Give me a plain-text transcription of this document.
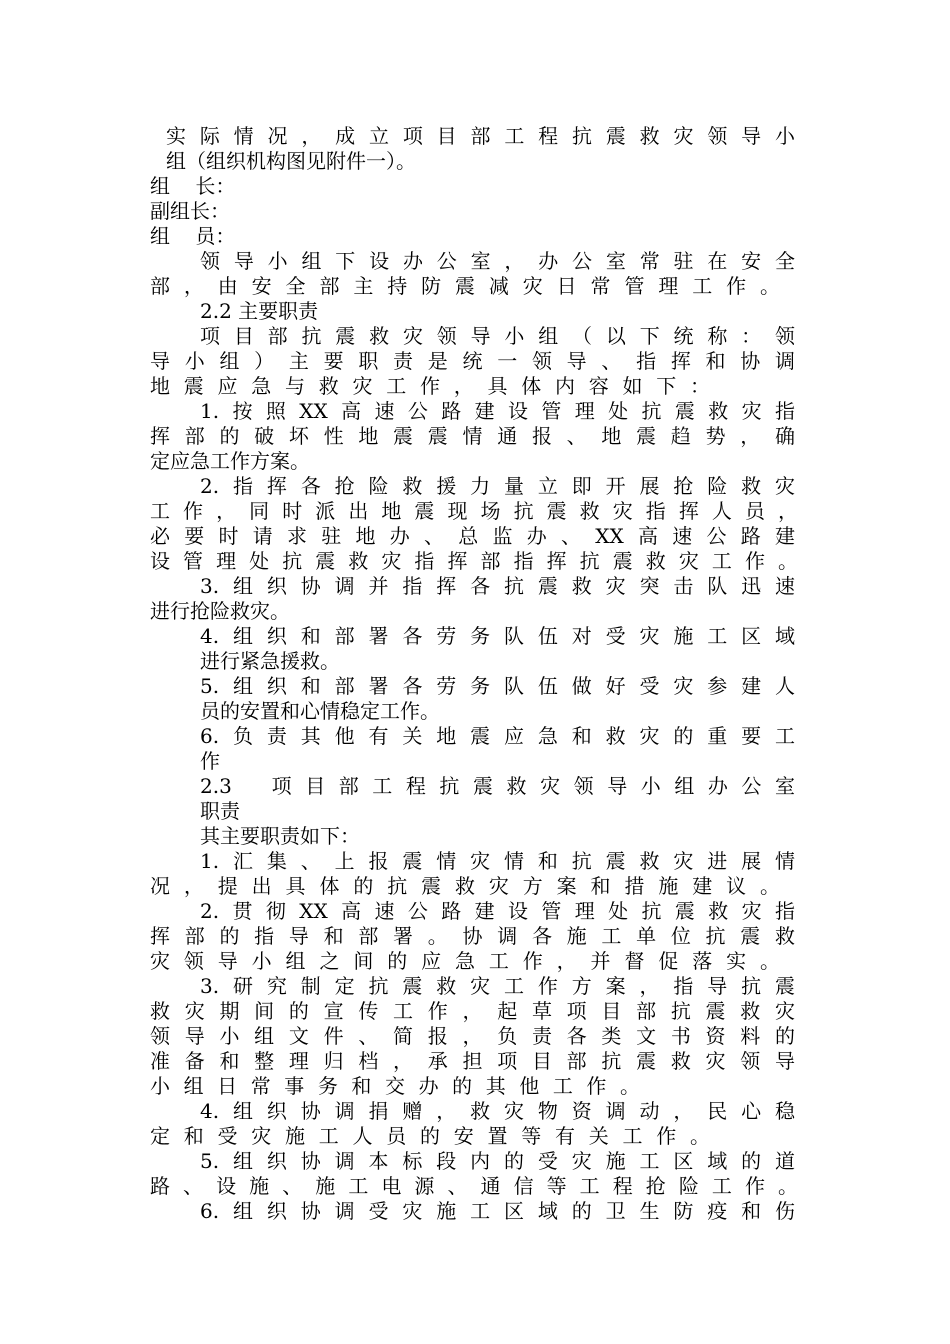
实际情况，成立项目部工程抗震救灾领导小
组（组织机构图见附件一）。
组    长：
副组长：
组    员：
领导小组下设办公室，办公室常驻在安全
部，由安全部主持防震减灾日常管理工作。
2.2 主要职责
项目部抗震救灾领导小组（以下统称：领
导小组）主要职责是统一领导、指挥和协调
地震应急与救灾工作，具体内容如下：
1.按照XX高速公路建设管理处抗震救灾指
挥部的破坏性地震震情通报、地震趋势，确
定应急工作方案。
2.指挥各抢险救援力量立即开展抢险救灾
工作，同时派出地震现场抗震救灾指挥人员，
必要时请求驻地办、总监办、XX高速公路建
设管理处抗震救灾指挥部指挥抗震救灾工作。
3.组织协调并指挥各抗震救灾突击队迅速
进行抢险救灾。
4.组织和部署各劳务队伍对受灾施工区域
进行紧急援救。
5.组织和部署各劳务队伍做好受灾参建人
员的安置和心情稳定工作。
6.负责其他有关地震应急和救灾的重要工
作
2.3  项目部工程抗震救灾领导小组办公室
职责
其主要职责如下：
1.汇集、上报震情灾情和抗震救灾进展情
况，提出具体的抗震救灾方案和措施建议。
2.贯彻XX高速公路建设管理处抗震救灾指
挥部的指导和部署。协调各施工单位抗震救
灾领导小组之间的应急工作，并督促落实。
3.研究制定抗震救灾工作方案，指导抗震
救灾期间的宣传工作，起草项目部抗震救灾
领导小组文件、简报，负责各类文书资料的
准备和整理归档，承担项目部抗震救灾领导
小组日常事务和交办的其他工作。
4.组织协调捐赠，救灾物资调动，民心稳
定和受灾施工人员的安置等有关工作。
5.组织协调本标段内的受灾施工区域的道
路、设施、施工电源、通信等工程抢险工作。
6.组织协调受灾施工区域的卫生防疫和伤
